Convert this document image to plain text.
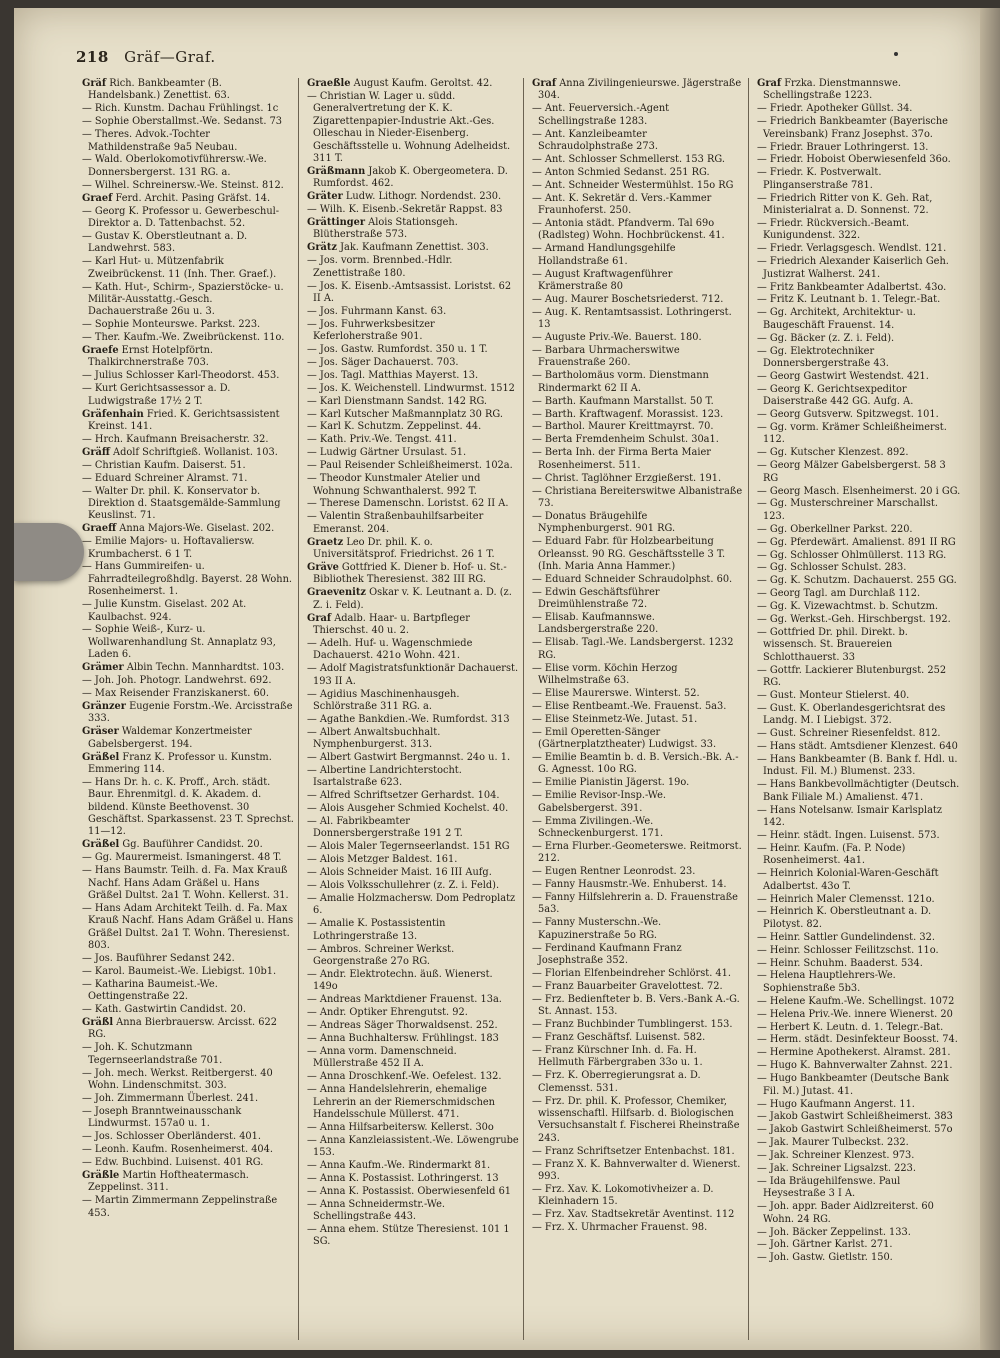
218 Gräf—Graf.
Gräf Rich. Bankbeamter (B. Handelsbank.) Zenettist. 63.
— Rich. Kunstm. Dachau Frühlingst. 1c
— Sophie Oberstallmst.-We. Sedanst. 73
— Theres. Advok.-Tochter Mathildenstraße 9a5 Neubau.
— Wald. Oberlokomotivführersw.-We. Donnersbergerst. 131 RG. a.
— Wilhel. Schreinersw.-We. Steinst. 812.
Graef Ferd. Archit. Pasing Gräfst. 14.
— Georg K. Professor u. Gewerbeschul-Direktor a. D. Tattenbachst. 52.
— Gustav K. Oberstleutnant a. D. Landwehrst. 583.
— Karl Hut- u. Mützenfabrik Zweibrückenst. 11 (Inh. Ther. Graef.).
— Kath. Hut-, Schirm-, Spazierstöcke- u. Militär-Ausstattg.-Gesch. Dachauerstraße 26u u. 3.
— Sophie Monteurswe. Parkst. 223.
— Ther. Kaufm.-We. Zweibrückenst. 11o.
Graefe Ernst Hotelpförtn. Thalkirchnerstraße 703.
— Julius Schlosser Karl-Theodorst. 453.
— Kurt Gerichtsassessor a. D. Ludwigstraße 17½ 2 T.
Gräfenhain Fried. K. Gerichtsassistent Kreinst. 141.
— Hrch. Kaufmann Breisacherstr. 32.
Gräff Adolf Schriftgieß. Wollanist. 103.
— Christian Kaufm. Daiserst. 51.
— Eduard Schreiner Alramst. 71.
— Walter Dr. phil. K. Konservator b. Direktion d. Staatsgemälde-Sammlung Keuslinst. 71.
Graeff Anna Majors-We. Giselast. 202.
— Emilie Majors- u. Hoftavaliersw. Krumbacherst. 6 1 T.
— Hans Gummireifen- u. Fahrradteilegroßhdlg. Bayerst. 28 Wohn. Rosenheimerst. 1.
— Julie Kunstm. Giselast. 202 At. Kaulbachst. 924.
— Sophie Weiß-, Kurz- u. Wollwarenhandlung St. Annaplatz 93, Laden 6.
Grämer Albin Techn. Mannhardtst. 103.
— Joh. Joh. Photogr. Landwehrst. 692.
— Max Reisender Franziskanerst. 60.
Gränzer Eugenie Forstm.-We. Arcisstraße 333.
Gräser Waldemar Konzertmeister Gabelsbergerst. 194.
Gräßel Franz K. Professor u. Kunstm. Emmering 114.
— Hans Dr. h. c. K. Proff., Arch. städt. Baur. Ehrenmitgl. d. K. Akadem. d. bildend. Künste Beethovenst. 30 Geschäftst. Sparkassenst. 23 T. Sprechst. 11—12.
Gräßel Gg. Bauführer Candidst. 20.
— Gg. Maurermeist. Ismaningerst. 48 T.
— Hans Baumstr. Teilh. d. Fa. Max Krauß Nachf. Hans Adam Gräßel u. Hans Gräßel Dultst. 2a1 T. Wohn. Kellerst. 31.
— Hans Adam Architekt Teilh. d. Fa. Max Krauß Nachf. Hans Adam Gräßel u. Hans Gräßel Dultst. 2a1 T. Wohn. Theresienst. 803.
— Jos. Bauführer Sedanst 242.
— Karol. Baumeist.-We. Liebigst. 10b1.
— Katharina Baumeist.-We. Oettingenstraße 22.
— Kath. Gastwirtin Candidst. 20.
Gräßl Anna Bierbrauersw. Arcisst. 622 RG.
— Joh. K. Schutzmann Tegernseerlandstraße 701.
— Joh. mech. Werkst. Reitbergerst. 40 Wohn. Lindenschmitst. 303.
— Joh. Zimmermann Überlest. 241.
— Joseph Branntweinausschank Lindwurmst. 157a0 u. 1.
— Jos. Schlosser Oberländerst. 401.
— Leonh. Kaufm. Rosenheimerst. 404.
— Edw. Buchbind. Luisenst. 401 RG.
Gräßle Martin Hoftheatermasch. Zeppelinst. 311.
— Martin Zimmermann Zeppelinstraße 453.
Graeßle August Kaufm. Geroltst. 42.
— Christian W. Lager u. südd. Generalvertretung der K. K. Zigarettenpapier-Industrie Akt.-Ges. Olleschau in Nieder-Eisenberg. Geschäftsstelle u. Wohnung Adelheidst. 311 T.
Gräßmann Jakob K. Obergeometera. D. Rumfordst. 462.
Gräter Ludw. Lithogr. Nordendst. 230.
— Wilh. K. Eisenb.-Sekretär Rappst. 83
Grättinger Alois Stationsgeh. Blütherstraße 573.
Grätz Jak. Kaufmann Zenettist. 303.
— Jos. vorm. Brennbed.-Hdlr. Zenettistraße 180.
— Jos. K. Eisenb.-Amtsassist. Loristst. 62 II A.
— Jos. Fuhrmann Kanst. 63.
— Jos. Fuhrwerksbesitzer Keferloherstraße 901.
— Jos. Gastw. Rumfordst. 350 u. 1 T.
— Jos. Säger Dachauerst. 703.
— Jos. Tagl. Matthias Mayerst. 13.
— Jos. K. Weichenstell. Lindwurmst. 1512
— Karl Dienstmann Sandst. 142 RG.
— Karl Kutscher Maßmannplatz 30 RG.
— Karl K. Schutzm. Zeppelinst. 44.
— Kath. Priv.-We. Tengst. 411.
— Ludwig Gärtner Ursulast. 51.
— Paul Reisender Schleißheimerst. 102a.
— Theodor Kunstmaler Atelier und Wohnung Schwanthalerst. 992 T.
— Therese Damenschn. Loristst. 62 II A.
— Valentin Straßenbauhilfsarbeiter Emeranst. 204.
Graetz Leo Dr. phil. K. o. Universitätsprof. Friedrichst. 26 1 T.
Gräve Gottfried K. Diener b. Hof- u. St.-Bibliothek Theresienst. 382 III RG.
Graevenitz Oskar v. K. Leutnant a. D. (z. Z. i. Feld).
Graf Adalb. Haar- u. Bartpfleger Thierschst. 40 u. 2.
— Adelh. Huf- u. Wagenschmiede Dachauerst. 421o Wohn. 421.
— Adolf Magistratsfunktionär Dachauerst. 193 II A.
— Agidius Maschinenhausgeh. Schlörstraße 311 RG. a.
— Agathe Bankdien.-We. Rumfordst. 313
— Albert Anwaltsbuchhalt. Nymphenburgerst. 313.
— Albert Gastwirt Bergmannst. 24o u. 1.
— Albertine Landrichterstocht. Isartalstraße 623.
— Alfred Schriftsetzer Gerhardst. 104.
— Alois Ausgeher Schmied Kochelst. 40.
— Al. Fabrikbeamter Donnersbergerstraße 191 2 T.
— Alois Maler Tegernseerlandst. 151 RG
— Alois Metzger Baldest. 161.
— Alois Schneider Maist. 16 III Aufg.
— Alois Volksschullehrer (z. Z. i. Feld).
— Amalie Holzmachersw. Dom Pedroplatz 6.
— Amalie K. Postassistentin Lothringerstraße 13.
— Ambros. Schreiner Werkst. Georgenstraße 27o RG.
— Andr. Elektrotechn. äuß. Wienerst. 149o
— Andreas Marktdiener Frauenst. 13a.
— Andr. Optiker Ehrengutst. 92.
— Andreas Säger Thorwaldsenst. 252.
— Anna Buchhaltersw. Frühlingst. 183
— Anna vorm. Damenschneid. Müllerstraße 452 II A.
— Anna Droschkenf.-We. Oefelest. 132.
— Anna Handelslehrerin, ehemalige Lehrerin an der Riemerschmidschen Handelsschule Müllerst. 471.
— Anna Hilfsarbeitersw. Kellerst. 30o
— Anna Kanzleiassistent.-We. Löwengrube 153.
— Anna Kaufm.-We. Rindermarkt 81.
— Anna K. Postassist. Lothringerst. 13
— Anna K. Postassist. Oberwiesenfeld 61
— Anna Schneidermstr.-We. Schellingstraße 443.
— Anna ehem. Stütze Theresienst. 101 1 SG.
Graf Anna Zivilingenieurswe. Jägerstraße 304.
— Ant. Feuerversich.-Agent Schellingstraße 1283.
— Ant. Kanzleibeamter Schraudolphstraße 273.
— Ant. Schlosser Schmellerst. 153 RG.
— Anton Schmied Sedanst. 251 RG.
— Ant. Schneider Westermühlst. 15o RG
— Ant. K. Sekretär d. Vers.-Kammer Fraunhoferst. 250.
— Antonia städt. Pfandverm. Tal 69o (Radlsteg) Wohn. Hochbrückenst. 41.
— Armand Handlungsgehilfe Hollandstraße 61.
— August Kraftwagenführer Krämerstraße 80
— Aug. Maurer Boschetsriederst. 712.
— Aug. K. Rentamtsassist. Lothringerst. 13
— Auguste Priv.-We. Bauerst. 180.
— Barbara Uhrmacherswitwe Frauenstraße 260.
— Bartholomäus vorm. Dienstmann Rindermarkt 62 II A.
— Barth. Kaufmann Marstallst. 50 T.
— Barth. Kraftwagenf. Morassist. 123.
— Barthol. Maurer Kreittmayrst. 70.
— Berta Fremdenheim Schulst. 30a1.
— Berta Inh. der Firma Berta Maier Rosenheimerst. 511.
— Christ. Taglöhner Erzgießerst. 191.
— Christiana Bereiterswitwe Albanistraße 73.
— Donatus Bräugehilfe Nymphenburgerst. 901 RG.
— Eduard Fabr. für Holzbearbeitung Orleansst. 90 RG. Geschäftsstelle 3 T. (Inh. Maria Anna Hammer.)
— Eduard Schneider Schraudolphst. 60.
— Edwin Geschäftsführer Dreimühlenstraße 72.
— Elisab. Kaufmannswe. Landsbergerstraße 220.
— Elisab. Tagl.-We. Landsbergerst. 1232 RG.
— Elise vorm. Köchin Herzog Wilhelmstraße 63.
— Elise Maurerswe. Winterst. 52.
— Elise Rentbeamt.-We. Frauenst. 5a3.
— Elise Steinmetz-We. Jutast. 51.
— Emil Operetten-Sänger (Gärtnerplatztheater) Ludwigst. 33.
— Emilie Beamtin b. d. B. Versich.-Bk. A.-G. Agnesst. 10o RG.
— Emilie Pianistin Jägerst. 19o.
— Emilie Revisor-Insp.-We. Gabelsbergerst. 391.
— Emma Zivilingen.-We. Schneckenburgerst. 171.
— Erna Flurber.-Geometerswe. Reitmorst. 212.
— Eugen Rentner Leonrodst. 23.
— Fanny Hausmstr.-We. Enhuberst. 14.
— Fanny Hilfslehrerin a. D. Frauenstraße 5a3.
— Fanny Musterschn.-We. Kapuzinerstraße 5o RG.
— Ferdinand Kaufmann Franz Josephstraße 352.
— Florian Elfenbeindreher Schlörst. 41.
— Franz Bauarbeiter Gravelottest. 72.
— Frz. Bedienfteter b. B. Vers.-Bank A.-G. St. Annast. 153.
— Franz Buchbinder Tumblingerst. 153.
— Franz Geschäftsf. Luisenst. 582.
— Franz Kürschner Inh. d. Fa. H. Hellmuth Färbergraben 33o u. 1.
— Frz. K. Oberregierungsrat a. D. Clemensst. 531.
— Frz. Dr. phil. K. Professor, Chemiker, wissenschaftl. Hilfsarb. d. Biologischen Versuchsanstalt f. Fischerei Rheinstraße 243.
— Franz Schriftsetzer Entenbachst. 181.
— Franz X. K. Bahnverwalter d. Wienerst. 993.
— Frz. Xav. K. Lokomotivheizer a. D. Kleinhadern 15.
— Frz. Xav. Stadtsekretär Aventinst. 112
— Frz. X. Uhrmacher Frauenst. 98.
Graf Frzka. Dienstmannswe. Schellingstraße 1223.
— Friedr. Apotheker Güllst. 34.
— Friedrich Bankbeamter (Bayerische Vereinsbank) Franz Josephst. 37o.
— Friedr. Brauer Lothringerst. 13.
— Friedr. Hoboist Oberwiesenfeld 36o.
— Friedr. K. Postverwalt. Plinganserstraße 781.
— Friedrich Ritter von K. Geh. Rat, Ministerialrat a. D. Sonnenst. 72.
— Friedr. Rückversich.-Beamt. Kunigundenst. 322.
— Friedr. Verlagsgesch. Wendlst. 121.
— Friedrich Alexander Kaiserlich Geh. Justizrat Walherst. 241.
— Fritz Bankbeamter Adalbertst. 43o.
— Fritz K. Leutnant b. 1. Telegr.-Bat.
— Gg. Architekt, Architektur- u. Baugeschäft Frauenst. 14.
— Gg. Bäcker (z. Z. i. Feld).
— Gg. Elektrotechniker Donnersbergerstraße 43.
— Georg Gastwirt Westendst. 421.
— Georg K. Gerichtsexpeditor Daiserstraße 442 GG. Aufg. A.
— Georg Gutsverw. Spitzwegst. 101.
— Gg. vorm. Krämer Schleißheimerst. 112.
— Gg. Kutscher Klenzest. 892.
— Georg Mälzer Gabelsbergerst. 58 3 RG
— Georg Masch. Elsenheimerst. 20 i GG.
— Gg. Musterschreiner Marschallst. 123.
— Gg. Oberkellner Parkst. 220.
— Gg. Pferdewärt. Amalienst. 891 II RG
— Gg. Schlosser Ohlmüllerst. 113 RG.
— Gg. Schlosser Schulst. 283.
— Gg. K. Schutzm. Dachauerst. 255 GG.
— Georg Tagl. am Durchlaß 112.
— Gg. K. Vizewachtmst. b. Schutzm.
— Gg. Werkst.-Geh. Hirschbergst. 192.
— Gottfried Dr. phil. Direkt. b. wissensch. St. Brauereien Schlotthauerst. 33
— Gottfr. Lackierer Blutenburgst. 252 RG.
— Gust. Monteur Stielerst. 40.
— Gust. K. Oberlandesgerichtsrat des Landg. M. I Liebigst. 372.
— Gust. Schreiner Riesenfeldst. 812.
— Hans städt. Amtsdiener Klenzest. 640
— Hans Bankbeamter (B. Bank f. Hdl. u. Indust. Fil. M.) Blumenst. 233.
— Hans Bankbevollmächtigter (Deutsch. Bank Filiale M.) Amalienst. 471.
— Hans Notelsanw. Ismair Karlsplatz 142.
— Heinr. städt. Ingen. Luisenst. 573.
— Heinr. Kaufm. (Fa. P. Node) Rosenheimerst. 4a1.
— Heinrich Kolonial-Waren-Geschäft Adalbertst. 43o T.
— Heinrich Maler Clemensst. 121o.
— Heinrich K. Oberstleutnant a. D. Pilotyst. 82.
— Heinr. Sattler Gundelindenst. 32.
— Heinr. Schlosser Feilitzschst. 11o.
— Heinr. Schuhm. Baaderst. 534.
— Helena Hauptlehrers-We. Sophienstraße 5b3.
— Helene Kaufm.-We. Schellingst. 1072
— Helena Priv.-We. innere Wienerst. 20
— Herbert K. Leutn. d. 1. Telegr.-Bat.
— Herm. städt. Desinfekteur Boosst. 74.
— Hermine Apothekerst. Alramst. 281.
— Hugo K. Bahnverwalter Zahnst. 221.
— Hugo Bankbeamter (Deutsche Bank Fil. M.) Jutast. 41.
— Hugo Kaufmann Angerst. 11.
— Jakob Gastwirt Schleißheimerst. 383
— Jakob Gastwirt Schleißheimerst. 57o
— Jak. Maurer Tulbeckst. 232.
— Jak. Schreiner Klenzest. 973.
— Jak. Schreiner Ligsalzst. 223.
— Ida Bräugehilfenswe. Paul Heysestraße 3 I A.
— Joh. appr. Bader Aidlzreiterst. 60 Wohn. 24 RG.
— Joh. Bäcker Zeppelinst. 133.
— Joh. Gärtner Karlst. 271.
— Joh. Gastw. Gietlstr. 150.
